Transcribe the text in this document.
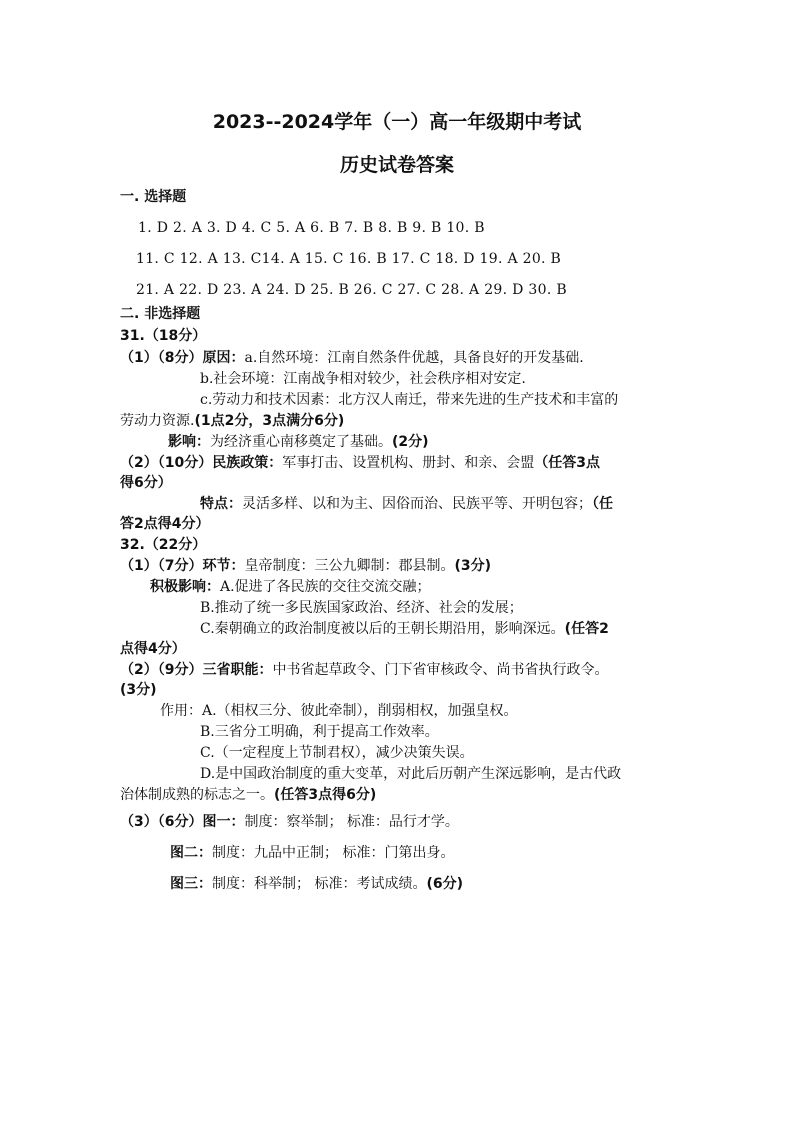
2023--2024学年（一）高一年级期中考试
历史试卷答案
一. 选择题
1. D 2. A 3. D 4. C 5. A 6. B 7. B 8. B 9. B 10. B
11. C 12. A 13. C14. A 15. C 16. B 17. C 18. D 19. A 20. B
21. A 22. D 23. A 24. D 25. B 26. C 27. C 28. A 29. D 30. B
二. 非选择题
31.（18分）
（1）（8分）原因：a.自然环境：江南自然条件优越，具备良好的开发基础.
b.社会环境：江南战争相对较少，社会秩序相对安定.
c.劳动力和技术因素：北方汉人南迁，带来先进的生产技术和丰富的
劳动力资源.(1点2分，3点满分6分)
影响：为经济重心南移奠定了基础。(2分)
（2）（10分）民族政策：军事打击、设置机构、册封、和亲、会盟（任答3点
得6分）
特点：灵活多样、以和为主、因俗而治、民族平等、开明包容；（任
答2点得4分）
32.（22分）
（1）（7分）环节：皇帝制度：三公九卿制：郡县制。(3分)
积极影响：A.促进了各民族的交往交流交融；
B.推动了统一多民族国家政治、经济、社会的发展；
C.秦朝确立的政治制度被以后的王朝长期沿用，影响深远。(任答2
点得4分）
（2）（9分）三省职能：中书省起草政令、门下省审核政令、尚书省执行政令。
(3分)
作用：A.（相权三分、彼此牵制），削弱相权，加强皇权。
B.三省分工明确，利于提高工作效率。
C.（一定程度上节制君权），减少决策失误。
D.是中国政治制度的重大变革，对此后历朝产生深远影响，是古代政
治体制成熟的标志之一。(任答3点得6分)
（3）（6分）图一：制度：察举制； 标准：品行才学。
图二：制度：九品中正制； 标准：门第出身。
图三：制度：科举制； 标准：考试成绩。(6分)
